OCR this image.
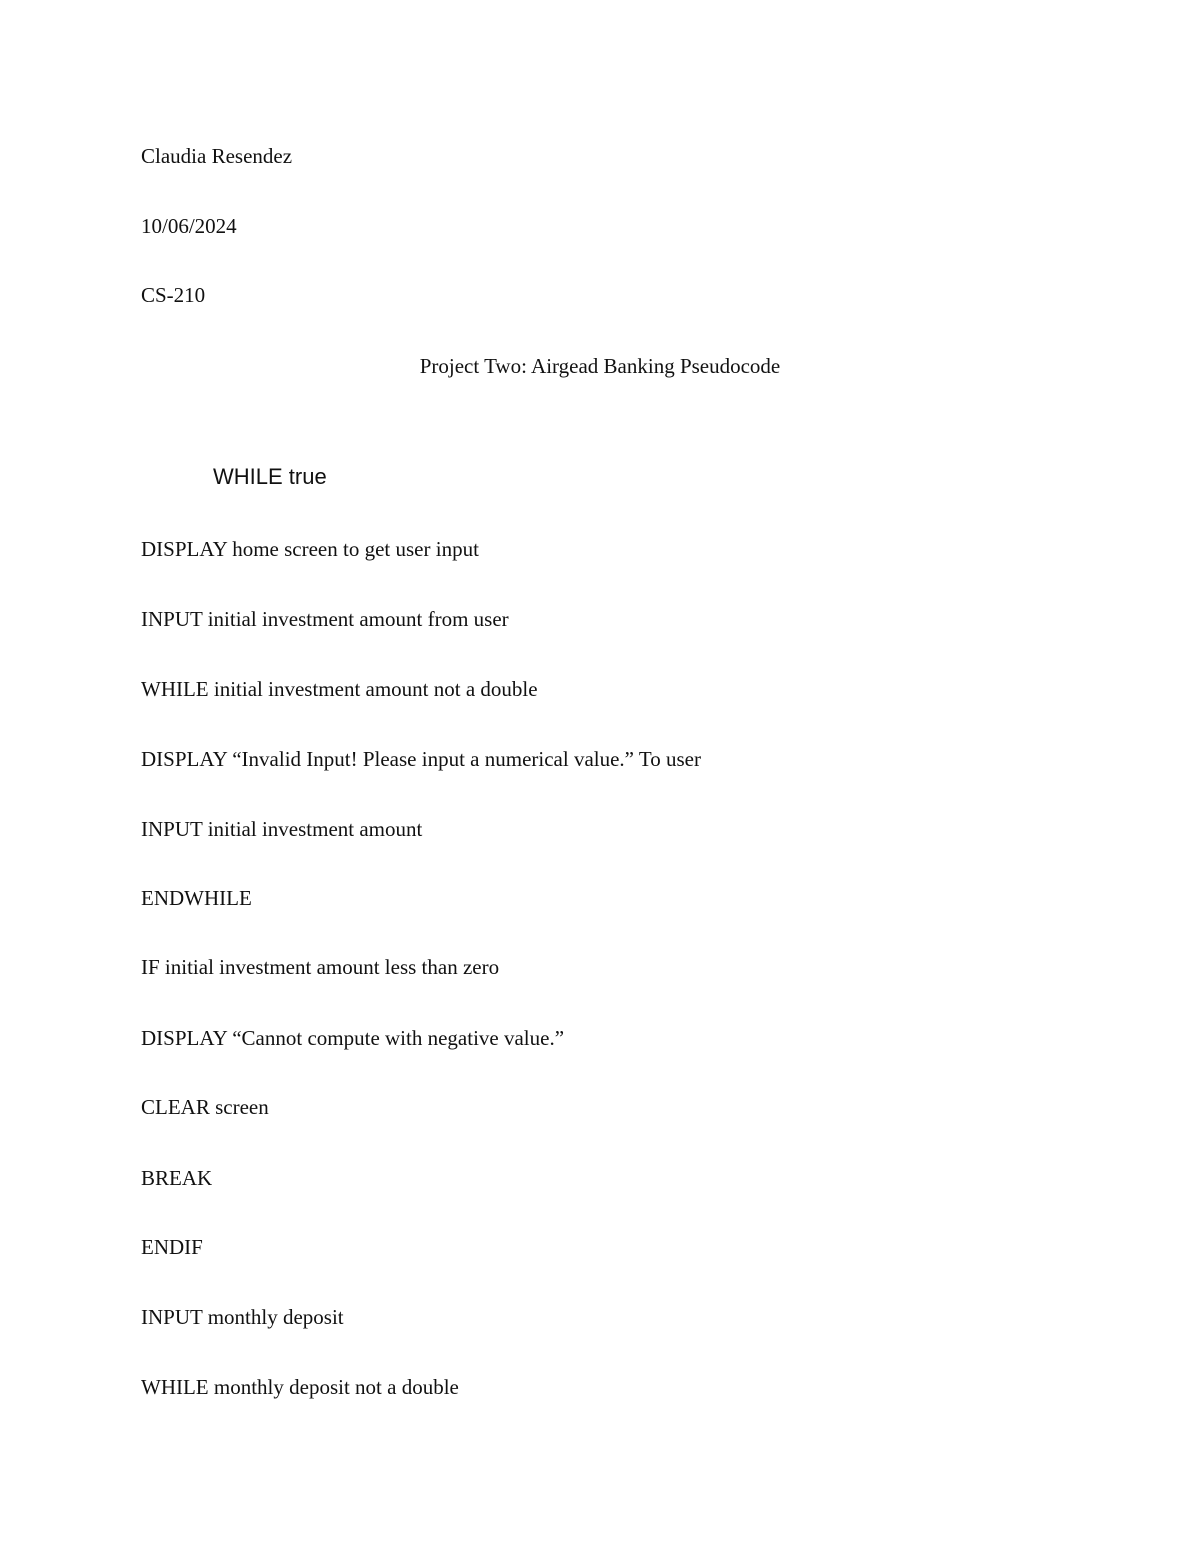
Claudia Resendez
10/06/2024
CS-210
Project Two: Airgead Banking Pseudocode
WHILE true
DISPLAY home screen to get user input
INPUT initial investment amount from user
WHILE initial investment amount not a double
DISPLAY “Invalid Input! Please input a numerical value.” To user
INPUT initial investment amount
ENDWHILE
IF initial investment amount less than zero
DISPLAY “Cannot compute with negative value.”
CLEAR screen
BREAK
ENDIF
INPUT monthly deposit
WHILE monthly deposit not a double
